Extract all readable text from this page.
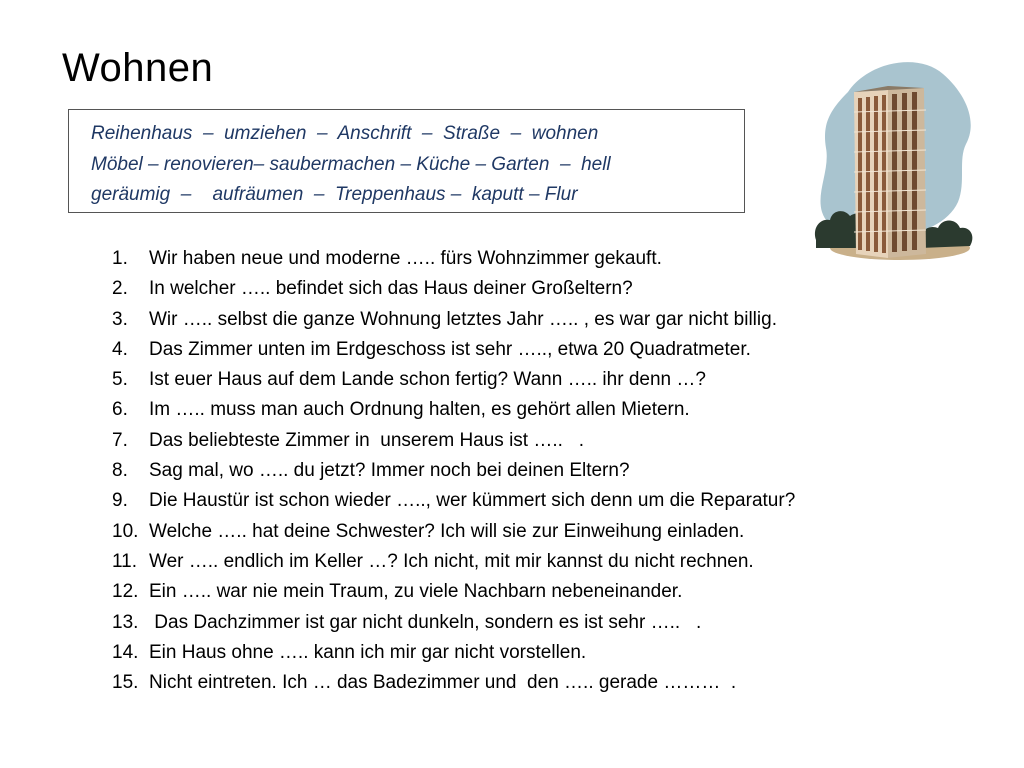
Wohnen
Reihenhaus  –  umziehen  –  Anschrift  –  Straße  –  wohnen
Möbel – renovieren– saubermachen – Küche – Garten  –  hell
geräumig  –    aufräumen  –  Treppenhaus –  kaputt – Flur
1.	Wir haben neue und moderne ….. fürs Wohnzimmer gekauft.
2.	In welcher ….. befindet sich das Haus deiner Großeltern?
3.	Wir ….. selbst die ganze Wohnung letztes Jahr ….. , es war gar nicht billig.
4.	Das Zimmer unten im Erdgeschoss ist sehr ….., etwa 20 Quadratmeter.
5.	Ist euer Haus auf dem Lande schon fertig? Wann ….. ihr denn …?
6.	Im ….. muss man auch Ordnung halten, es gehört allen Mietern.
7.	Das beliebteste Zimmer in  unserem Haus ist …..   .
8.	Sag mal, wo ….. du jetzt? Immer noch bei deinen Eltern?
9.	Die Haustür ist schon wieder ….., wer kümmert sich denn um die Reparatur?
10. Welche ….. hat deine Schwester? Ich will sie zur Einweihung einladen.
11. Wer ….. endlich im Keller …? Ich nicht, mit mir kannst du nicht rechnen.
12. Ein ….. war nie mein Traum, zu viele Nachbarn nebeneinander.
13. Das Dachzimmer ist gar nicht dunkeln, sondern es ist sehr …..   .
14. Ein Haus ohne ….. kann ich mir gar nicht vorstellen.
15. Nicht eintreten. Ich … das Badezimmer und  den ….. gerade ………  .
